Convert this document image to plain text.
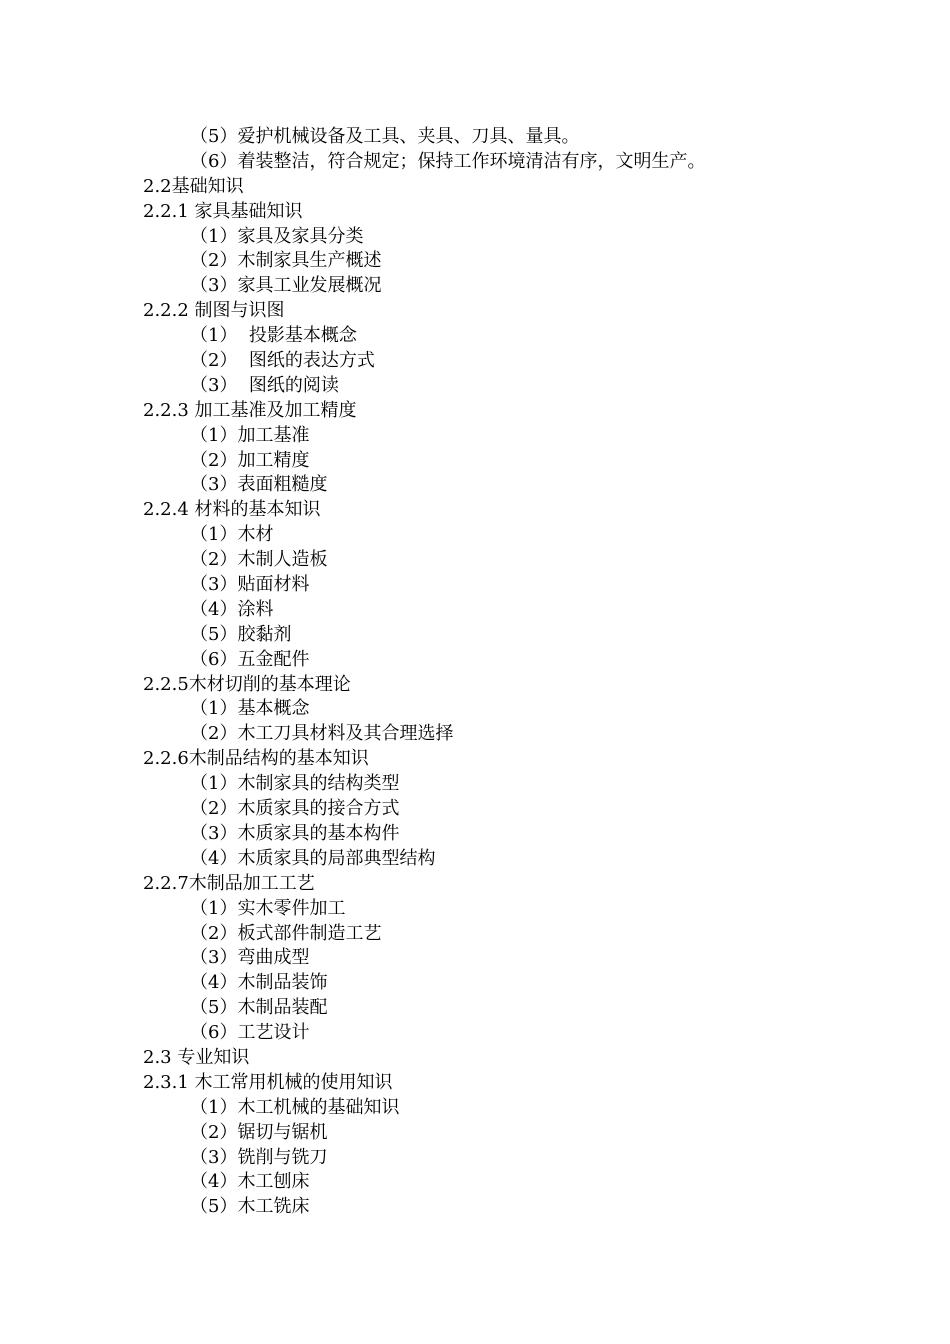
（5）爱护机械设备及工具、夹具、刀具、量具。
（6）着装整洁，符合规定；保持工作环境清洁有序，文明生产。
2.2基础知识
2.2.1 家具基础知识
（1）家具及家具分类
（2）木制家具生产概述
（3）家具工业发展概况
2.2.2 制图与识图
（1）  投影基本概念
（2）  图纸的表达方式
（3）  图纸的阅读
2.2.3 加工基准及加工精度
（1）加工基准
（2）加工精度
（3）表面粗糙度
2.2.4 材料的基本知识
（1）木材
（2）木制人造板
（3）贴面材料
（4）涂料
（5）胶黏剂
（6）五金配件
2.2.5木材切削的基本理论
（1）基本概念
（2）木工刀具材料及其合理选择
2.2.6木制品结构的基本知识
（1）木制家具的结构类型
（2）木质家具的接合方式
（3）木质家具的基本构件
（4）木质家具的局部典型结构
2.2.7木制品加工工艺
（1）实木零件加工
（2）板式部件制造工艺
（3）弯曲成型
（4）木制品装饰
（5）木制品装配
（6）工艺设计
2.3 专业知识
2.3.1 木工常用机械的使用知识
（1）木工机械的基础知识
（2）锯切与锯机
（3）铣削与铣刀
（4）木工刨床
（5）木工铣床
